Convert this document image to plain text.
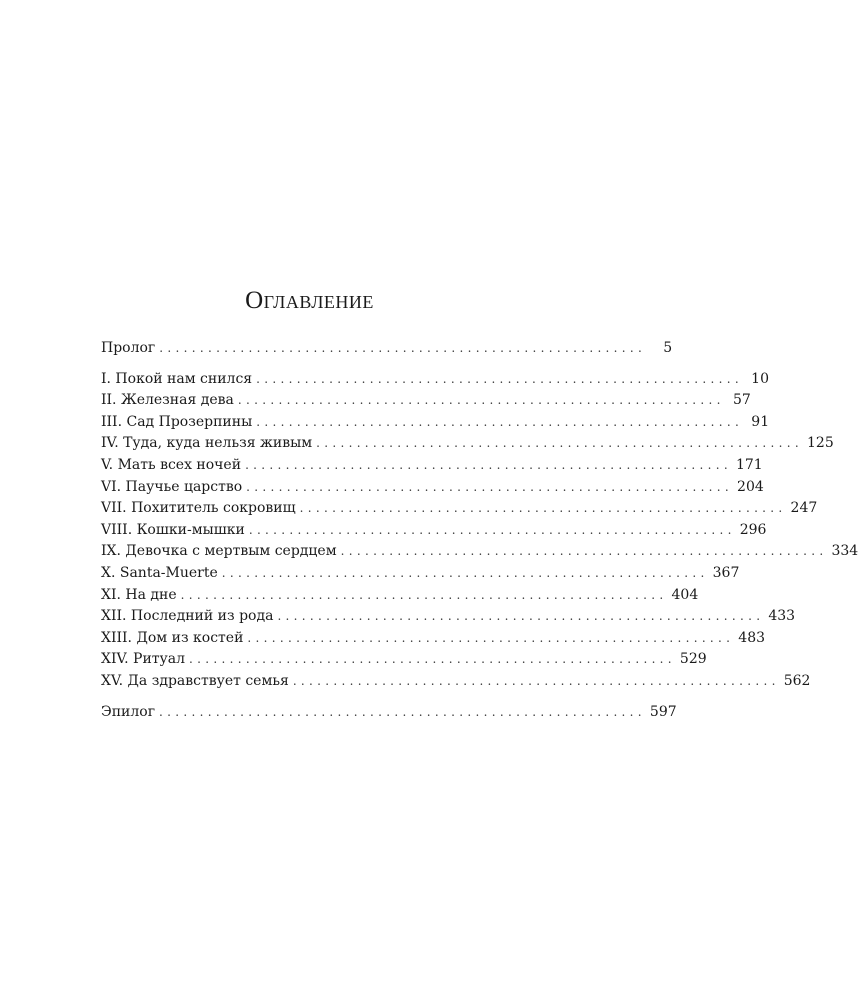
Оглавление
Пролог ............................................................	5
I. Покой нам снился ............................................................ 10
II. Железная дева ............................................................ 57
III. Сад Прозерпины ............................................................ 91
IV. Туда, куда нельзя живым ............................................................ 125
V. Мать всех ночей ............................................................ 171
VI. Паучье царство ............................................................ 204
VII. Похититель сокровищ ............................................................ 247
VIII. Кошки-мышки ............................................................ 296
IX. Девочка с мертвым сердцем ............................................................ 334
X. Santa-Muerte ............................................................ 367
XI. На дне ............................................................ 404
XII. Последний из рода ............................................................ 433
XIII. Дом из костей ............................................................ 483
XIV. Ритуал ............................................................ 529
XV. Да здравствует семья ............................................................ 562
Эпилог ............................................................ 597
